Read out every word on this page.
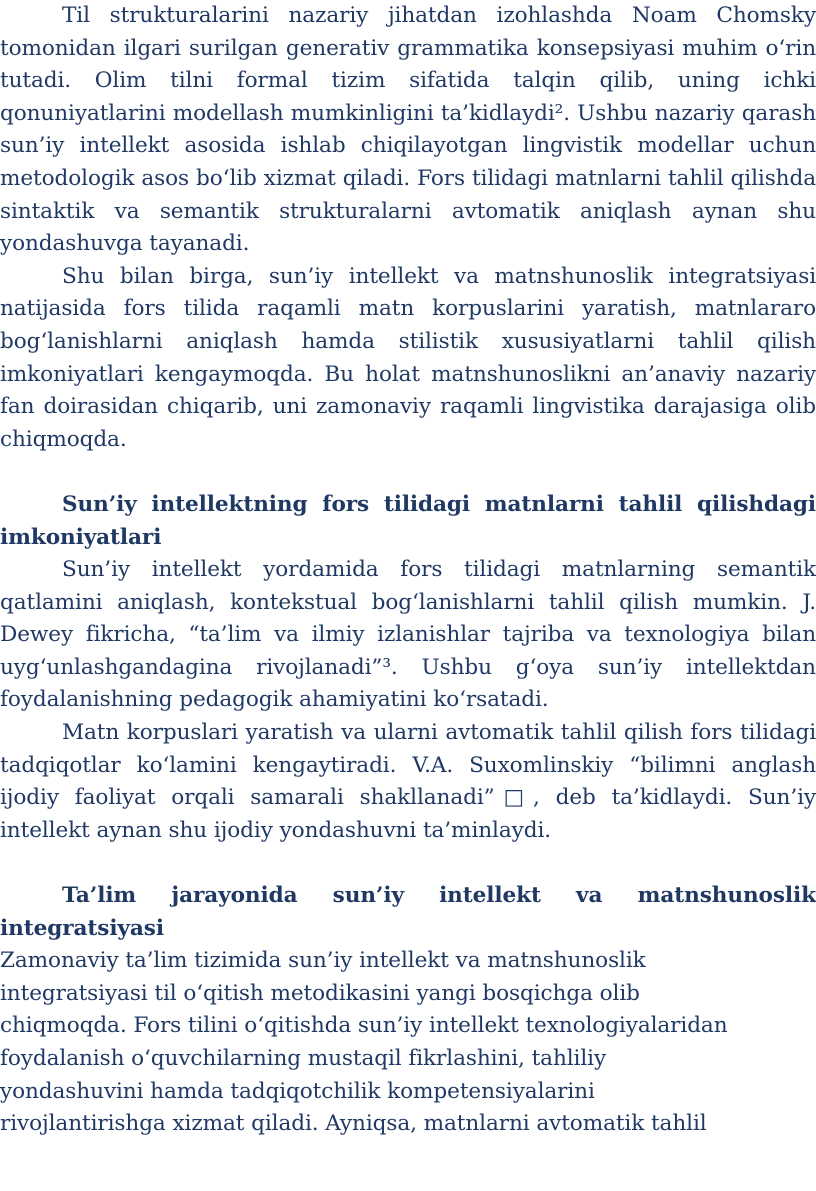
Til strukturalarini nazariy jihatdan izohlashda Noam Chomsky tomonidan ilgari surilgan generativ grammatika konsepsiyasi muhim o‘rin tutadi. Olim tilni formal tizim sifatida talqin qilib, uning ichki qonuniyatlarini modellash mumkinligini ta’kidlaydi². Ushbu nazariy qarash sun’iy intellekt asosida ishlab chiqilayotgan lingvistik modellar uchun metodologik asos bo‘lib xizmat qiladi. Fors tilidagi matnlarni tahlil qilishda sintaktik va semantik strukturalarni avtomatik aniqlash aynan shu yondashuvga tayanadi.

Shu bilan birga, sun’iy intellekt va matnshunoslik integratsiyasi natijasida fors tilida raqamli matn korpuslarini yaratish, matnlararo bog‘lanishlarni aniqlash hamda stilistik xususiyatlarni tahlil qilish imkoniyatlari kengaymoqda. Bu holat matnshunoslikni an’anaviy nazariy fan doirasidan chiqarib, uni zamonaviy raqamli lingvistika darajasiga olib chiqmoqda.

Sun’iy intellektning fors tilidagi matnlarni tahlil qilishdagi imkoniyatlari

Sun’iy intellekt yordamida fors tilidagi matnlarning semantik qatlamini aniqlash, kontekstual bog‘lanishlarni tahlil qilish mumkin. J. Dewey fikricha, “ta’lim va ilmiy izlanishlar tajriba va texnologiya bilan uyg‘unlashgandagina rivojlanadi”³. Ushbu g‘oya sun’iy intellektdan foydalanishning pedagogik ahamiyatini ko‘rsatadi.

Matn korpuslari yaratish va ularni avtomatik tahlil qilish fors tilidagi tadqiqotlar ko‘lamini kengaytiradi. V.A. Suxomlinskiy “bilimni anglash ijodiy faoliyat orqali samarali shakllanadi”□, deb ta’kidlaydi. Sun’iy intellekt aynan shu ijodiy yondashuvni ta’minlaydi.

Ta’lim jarayonida sun’iy intellekt va matnshunoslik integratsiyasi

Zamonaviy ta’lim tizimida sun’iy intellekt va matnshunoslik integratsiyasi til o‘qitish metodikasini yangi bosqichga olib chiqmoqda. Fors tilini o‘qitishda sun’iy intellekt texnologiyalaridan foydalanish o‘quvchilarning mustaqil fikrlashini, tahliliy yondashuvini hamda tadqiqotchilik kompetensiyalarini rivojlantirishga xizmat qiladi. Ayniqsa, matnlarni avtomatik tahlil
